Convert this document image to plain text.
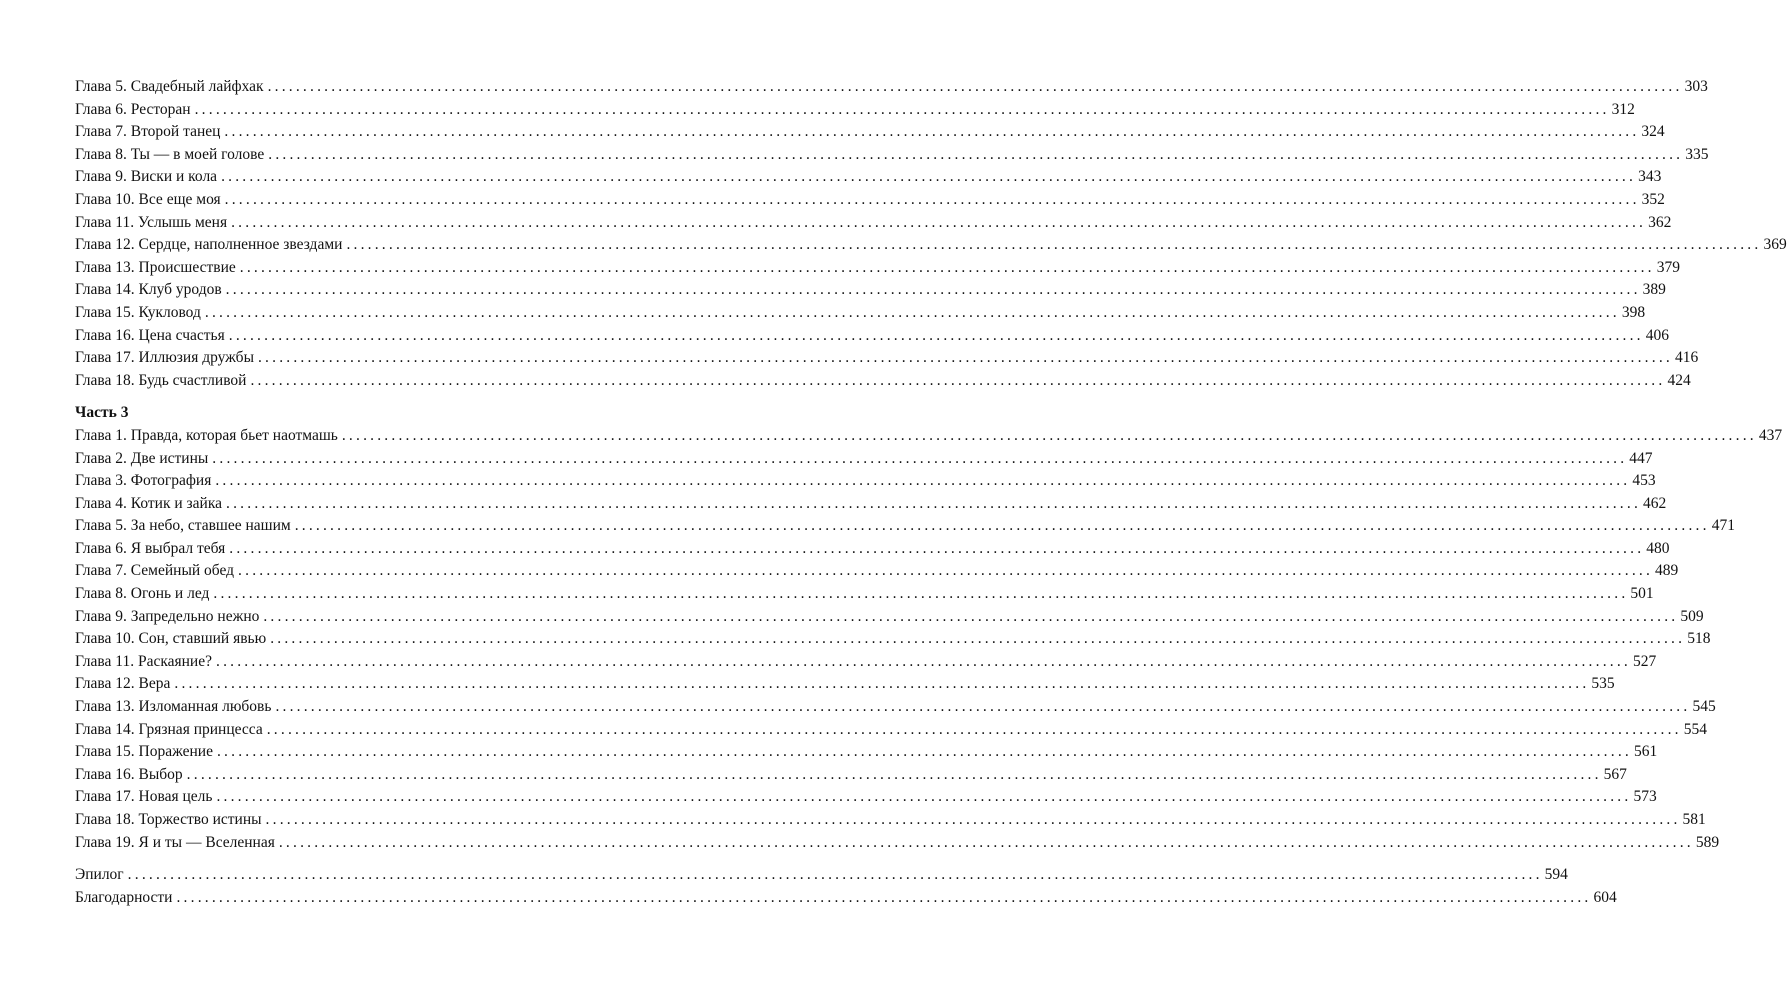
Глава 5. Свадебный лайфхак ........................................................................................................................................................................................................ 303
Глава 6. Ресторан ........................................................................................................................................................................................................ 312
Глава 7. Второй танец ........................................................................................................................................................................................................ 324
Глава 8. Ты — в моей голове ........................................................................................................................................................................................................ 335
Глава 9. Виски и кола ........................................................................................................................................................................................................ 343
Глава 10. Все еще моя ........................................................................................................................................................................................................ 352
Глава 11. Услышь меня ........................................................................................................................................................................................................ 362
Глава 12. Сердце, наполненное звездами ........................................................................................................................................................................................................ 369
Глава 13. Происшествие ........................................................................................................................................................................................................ 379
Глава 14. Клуб уродов ........................................................................................................................................................................................................ 389
Глава 15. Кукловод ........................................................................................................................................................................................................ 398
Глава 16. Цена счастья ........................................................................................................................................................................................................ 406
Глава 17. Иллюзия дружбы ........................................................................................................................................................................................................ 416
Глава 18. Будь счастливой ........................................................................................................................................................................................................ 424
Часть 3
Глава 1. Правда, которая бьет наотмашь ........................................................................................................................................................................................................ 437
Глава 2. Две истины ........................................................................................................................................................................................................ 447
Глава 3. Фотография ........................................................................................................................................................................................................ 453
Глава 4. Котик и зайка ........................................................................................................................................................................................................ 462
Глава 5. За небо, ставшее нашим ........................................................................................................................................................................................................ 471
Глава 6. Я выбрал тебя ........................................................................................................................................................................................................ 480
Глава 7. Семейный обед ........................................................................................................................................................................................................ 489
Глава 8. Огонь и лед ........................................................................................................................................................................................................ 501
Глава 9. Запредельно нежно ........................................................................................................................................................................................................ 509
Глава 10. Сон, ставший явью ........................................................................................................................................................................................................ 518
Глава 11. Раскаяние? ........................................................................................................................................................................................................ 527
Глава 12. Вера ........................................................................................................................................................................................................ 535
Глава 13. Изломанная любовь ........................................................................................................................................................................................................ 545
Глава 14. Грязная принцесса ........................................................................................................................................................................................................ 554
Глава 15. Поражение ........................................................................................................................................................................................................ 561
Глава 16. Выбор ........................................................................................................................................................................................................ 567
Глава 17. Новая цель ........................................................................................................................................................................................................ 573
Глава 18. Торжество истины ........................................................................................................................................................................................................ 581
Глава 19. Я и ты — Вселенная ........................................................................................................................................................................................................ 589
Эпилог ........................................................................................................................................................................................................ 594
Благодарности ........................................................................................................................................................................................................ 604
